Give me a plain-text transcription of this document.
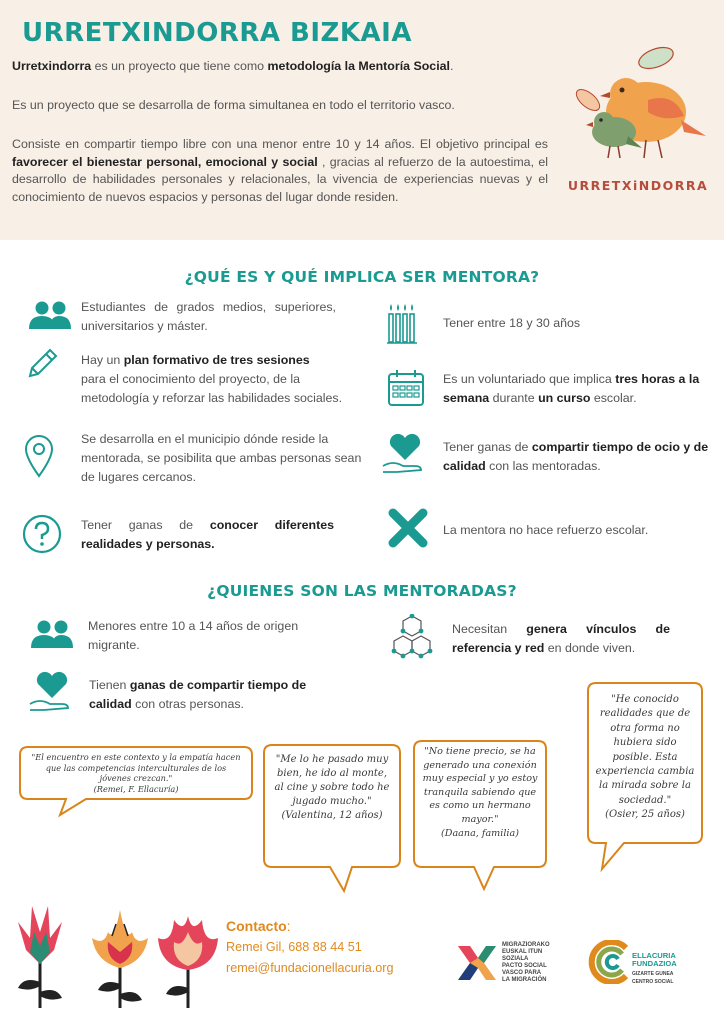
URRETXINDORRA BIZKAIA
Urretxindorra es un proyecto que tiene como metodología la Mentoría Social.
Es un proyecto que se desarrolla de forma simultanea en todo el territorio vasco.
Consiste en compartir tiempo libre con una menor entre 10 y 14 años. El objetivo principal es favorecer el bienestar personal, emocional y social , gracias al refuerzo de la autoestima, el desarrollo de habilidades personales y relacionales, la vivencia de experiencias nuevas y el conocimiento de nuevos espacios y personas del lugar donde residen.
URRETXiNDORRA
¿QUÉ ES Y QUÉ IMPLICA SER MENTORA?
Estudiantes de grados medios, superiores, universitarios y máster.
Hay un plan formativo de tres sesiones
para el conocimiento del proyecto, de la metodología y reforzar las habilidades sociales.
Se desarrolla en el municipio dónde reside la mentorada, se posibilita que ambas personas sean de lugares cercanos.
Tener ganas de conocer diferentes realidades y personas.
Tener entre 18 y 30 años
Es un voluntariado que implica tres horas a la semana durante un curso escolar.
Tener ganas de compartir tiempo de ocio y de calidad con las mentoradas.
La mentora no hace refuerzo escolar.
¿QUIENES SON LAS MENTORADAS?
Menores entre 10 a 14 años de origen migrante.
Necesitan genera vínculos de referencia y red en donde viven.
Tienen ganas de compartir tiempo de calidad con otras personas.
"El encuentro en este contexto y la empatía hacen que las competencias interculturales de los jóvenes crezcan."
(Remei, F. Ellacuría)
"Me lo he pasado muy bien, he ido al monte, al cine y sobre todo he jugado mucho."
(Valentina, 12 años)
"No tiene precio, se ha generado una conexión muy especial y yo estoy tranquila sabiendo que es como un hermano mayor."
(Daana, familia)
"He conocido realidades que de otra forma no hubiera sido posible. Esta experiencia cambia la mirada sobre la sociedad."
(Osier, 25 años)
Contacto:
Remei Gil, 688 88 44 51
remei@fundacionellacuria.org
MIGRAZIORAKO
EUSKAL ITUN
SOZIALA
PACTO SOCIAL
VASCO PARA
LA MIGRACIÓN
ELLACURIA
FUNDAZIOA
GIZARTE GUNEA
CENTRO SOCIAL
